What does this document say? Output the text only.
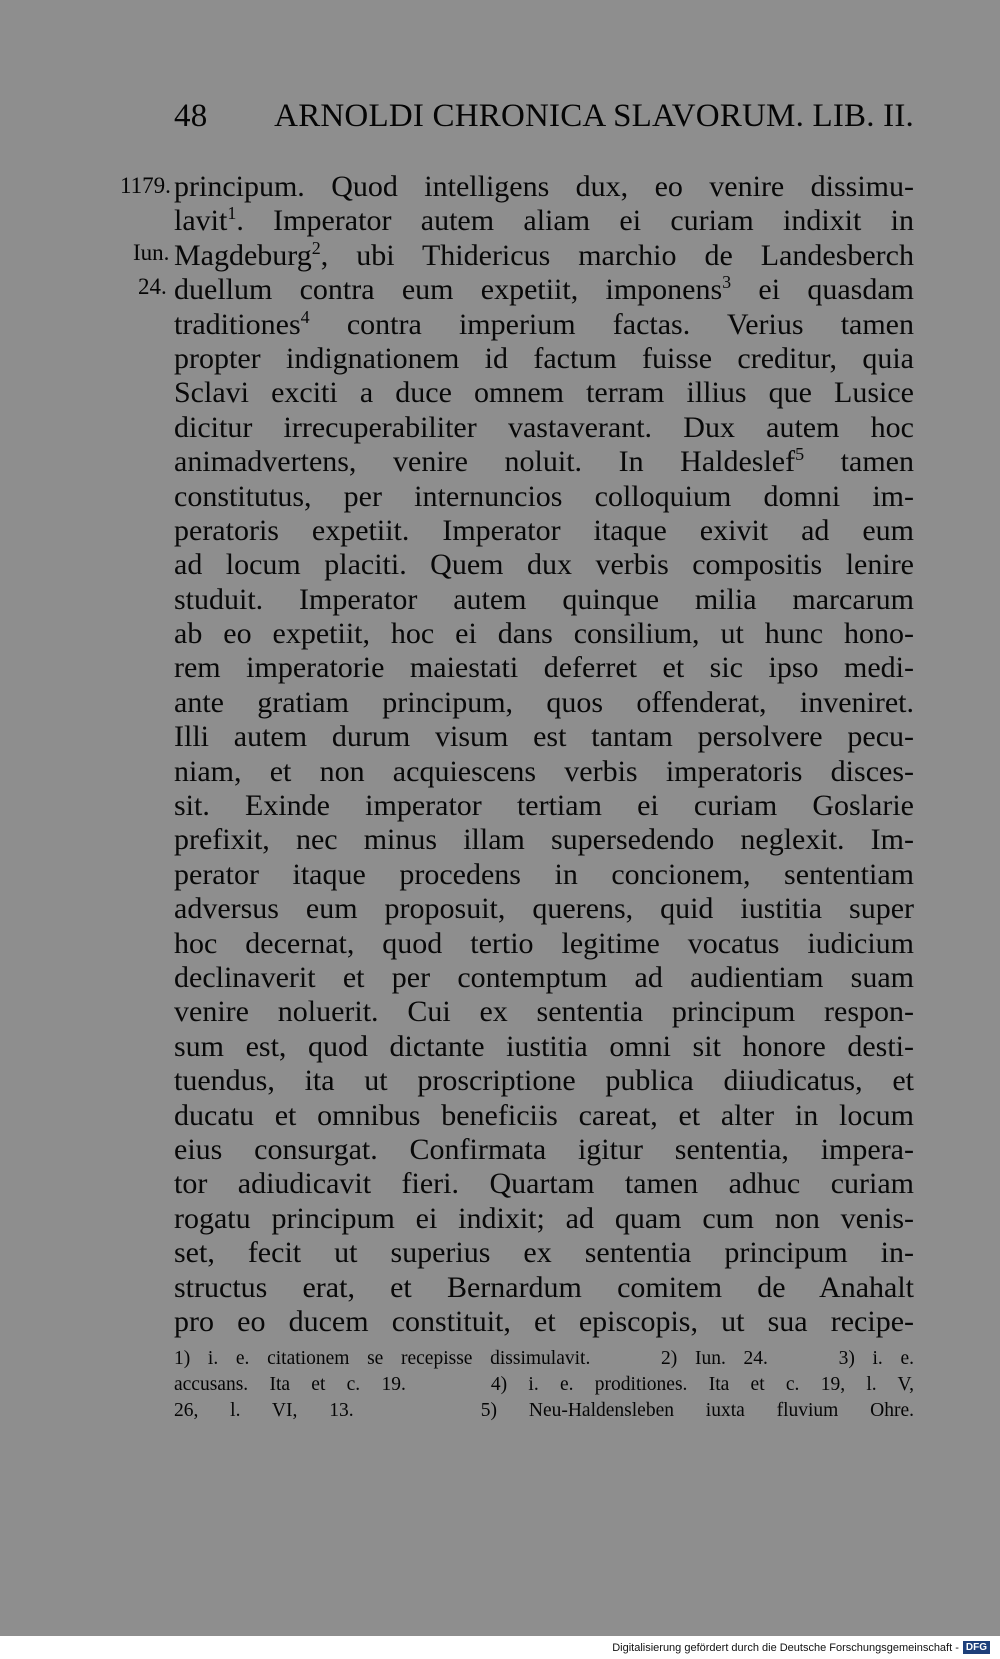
48	ARNOLDI CHRONICA SLAVORUM. LIB. II.
1179.
Iun.
24.
principum. Quod intelligens dux, eo venire dissimu-
lavit$^1$. Imperator autem aliam ei curiam indixit in
Magdeburg$^2$, ubi Thidericus marchio de Landesberch
duellum contra eum expetiit, imponens$^3$ ei quasdam
traditiones$^4$ contra imperium factas. Verius tamen
propter indignationem id factum fuisse creditur, quia
Sclavi exciti a duce omnem terram illius que Lusice
dicitur irrecuperabiliter vastaverant. Dux autem hoc
animadvertens, venire noluit. In Haldeslef$^5$ tamen
constitutus, per internuncios colloquium domni im-
peratoris expetiit. Imperator itaque exivit ad eum
ad locum placiti. Quem dux verbis compositis lenire
studuit. Imperator autem quinque milia marcarum
ab eo expetiit, hoc ei dans consilium, ut hunc hono-
rem imperatorie maiestati deferret et sic ipso medi-
ante gratiam principum, quos offenderat, inveniret.
Illi autem durum visum est tantam persolvere pecu-
niam, et non acquiescens verbis imperatoris disces-
sit. Exinde imperator tertiam ei curiam Goslarie
prefixit, nec minus illam supersedendo neglexit. Im-
perator itaque procedens in concionem, sententiam
adversus eum proposuit, querens, quid iustitia super
hoc decernat, quod tertio legitime vocatus iudicium
declinaverit et per contemptum ad audientiam suam
venire noluerit. Cui ex sententia principum respon-
sum est, quod dictante iustitia omni sit honore desti-
tuendus, ita ut proscriptione publica diiudicatus, et
ducatu et omnibus beneficiis careat, et alter in locum
eius consurgat. Confirmata igitur sententia, impera-
tor adiudicavit fieri. Quartam tamen adhuc curiam
rogatu principum ei indixit; ad quam cum non venis-
set, fecit ut superius ex sententia principum in-
structus erat, et Bernardum comitem de Anahalt
pro eo ducem constituit, et episcopis, ut sua recipe-
1) i. e. citationem se recepisse dissimulavit.    2) Iun. 24.    3) i. e.
accusans. Ita et c. 19.    4) i. e. proditiones. Ita et c. 19, l. V,
26, l. VI, 13.    5) Neu-Haldensleben iuxta fluvium Ohre.
Digitalisierung gefördert durch die Deutsche Forschungsgemeinschaft - DFG
